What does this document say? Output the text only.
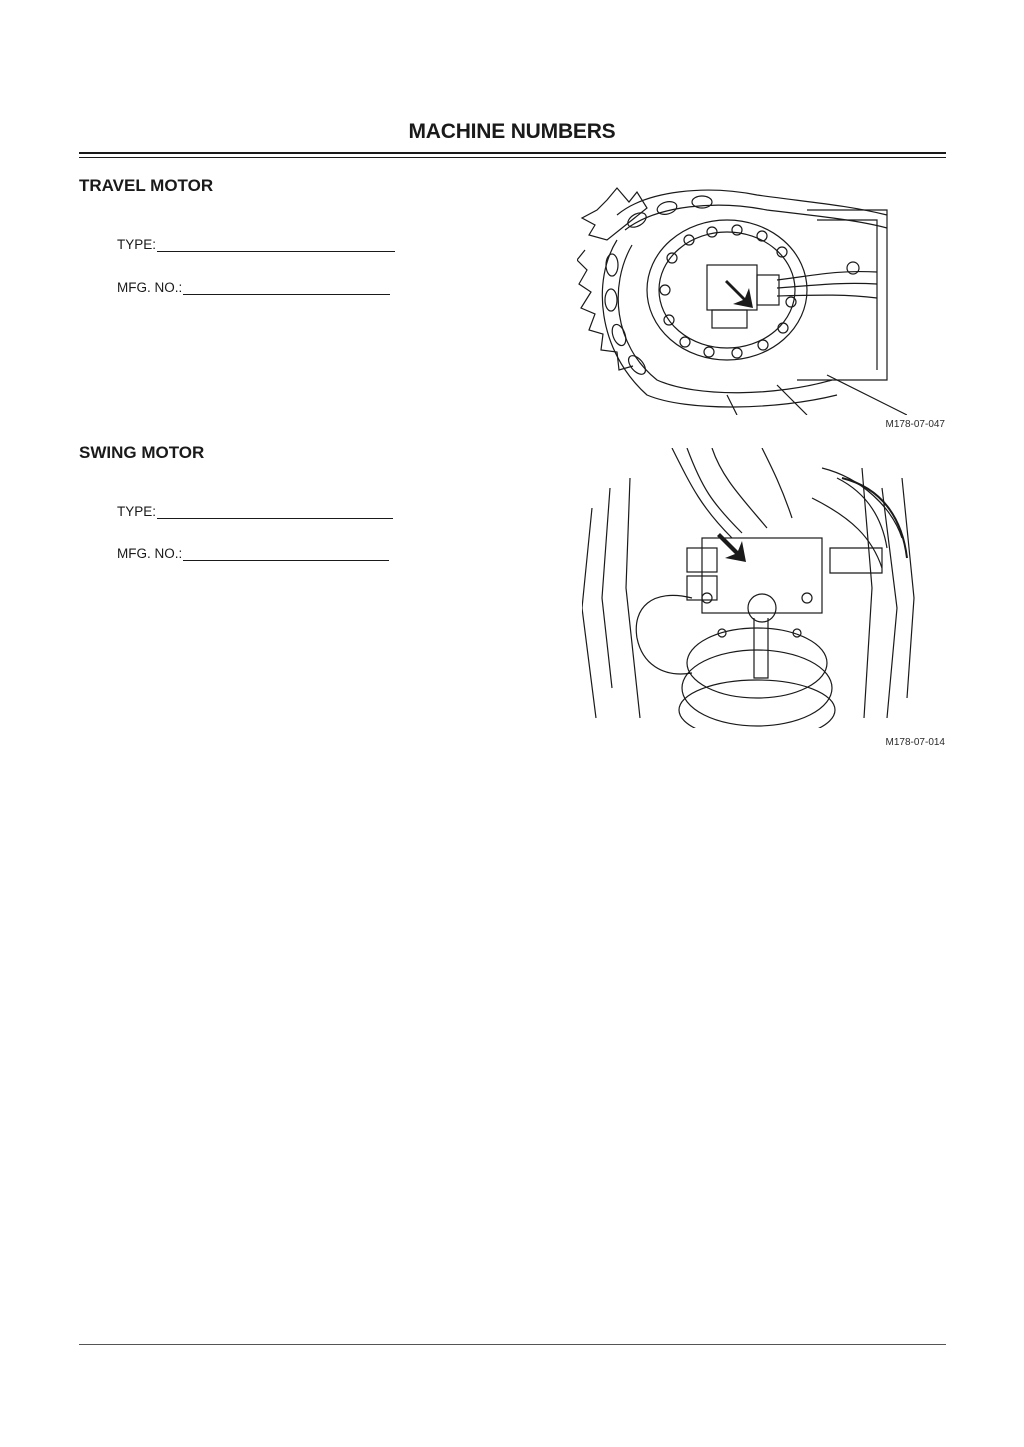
MACHINE NUMBERS
TRAVEL MOTOR
TYPE:
MFG. NO.:
M178-07-047
SWING MOTOR
TYPE:
MFG. NO.:
M178-07-014
